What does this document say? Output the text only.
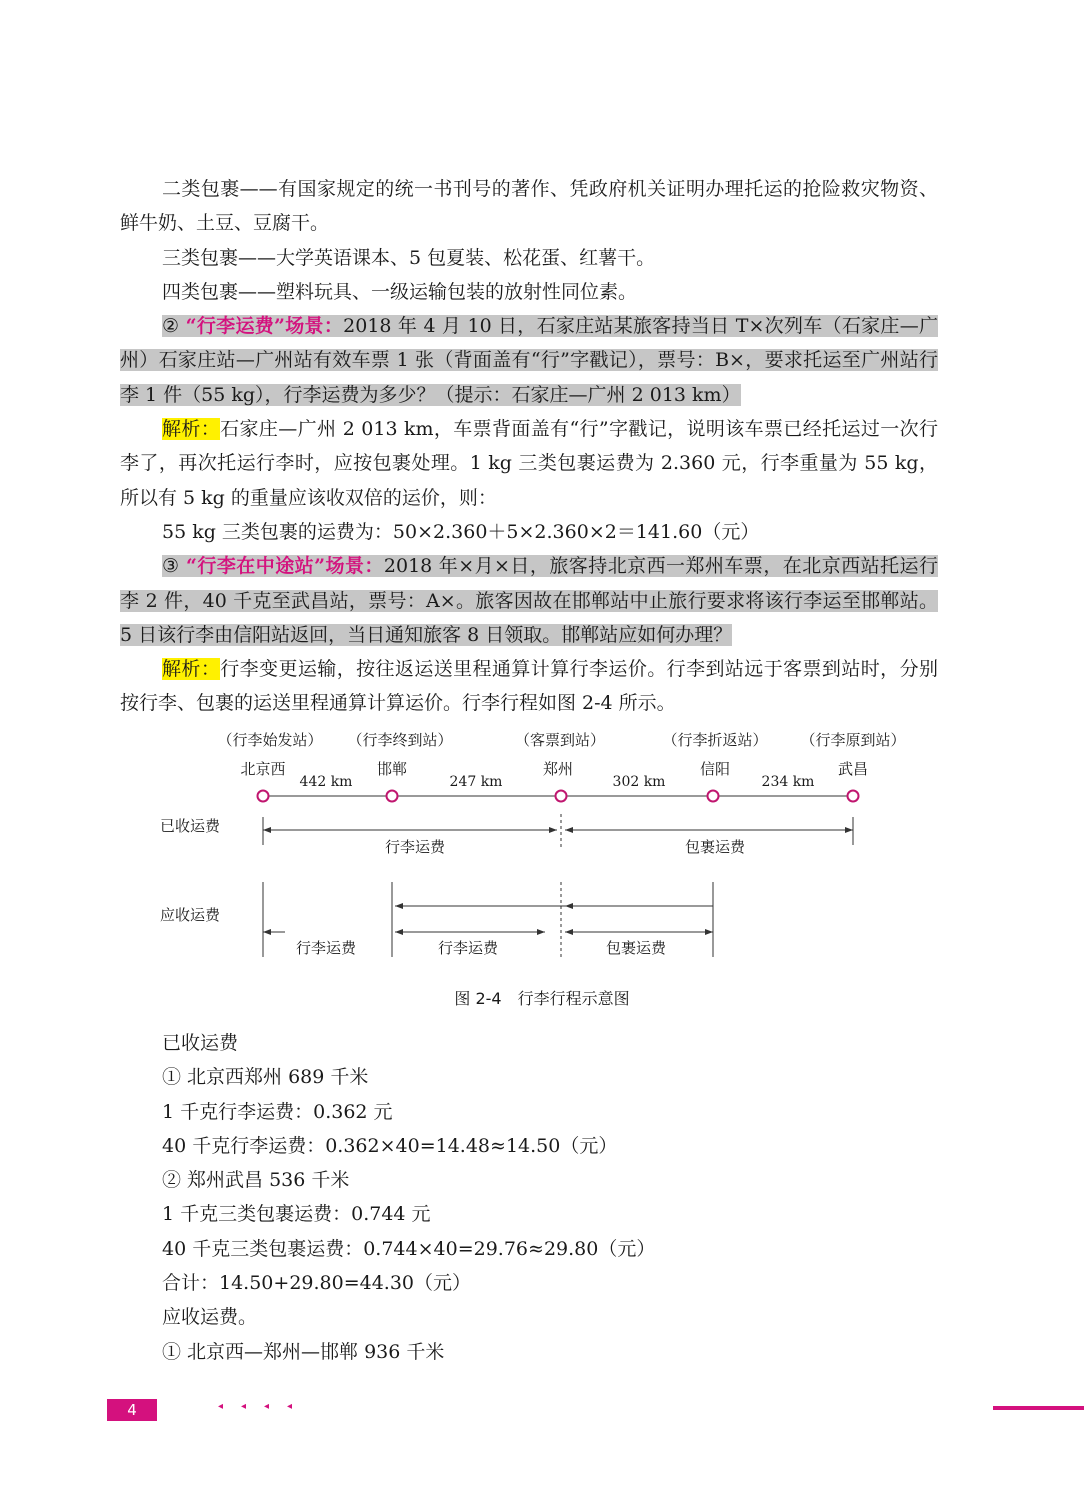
二类包裹——有国家规定的统一书刊号的著作、凭政府机关证明办理托运的抢险救灾物资、鲜牛奶、土豆、豆腐干。

三类包裹——大学英语课本、5 包夏装、松花蛋、红薯干。

四类包裹——塑料玩具、一级运输包装的放射性同位素。

② “行李运费”场景：2018 年 4 月 10 日，石家庄站某旅客持当日 T×次列车（石家庄—广州）石家庄站—广州站有效车票 1 张（背面盖有“行”字戳记），票号：B×，要求托运至广州站行李 1 件（55 kg），行李运费为多少？（提示：石家庄—广州 2 013 km）

解析：石家庄—广州 2 013 km，车票背面盖有“行”字戳记，说明该车票已经托运过一次行李了，再次托运行李时，应按包裹处理。1 kg 三类包裹运费为 2.360 元，行李重量为 55 kg，所以有 5 kg 的重量应该收双倍的运价，则：

55 kg 三类包裹的运费为：50×2.360＋5×2.360×2＝141.60（元）

③ “行李在中途站”场景：2018 年×月×日，旅客持北京西一郑州车票，在北京西站托运行李 2 件，40 千克至武昌站，票号：A×。旅客因故在邯郸站中止旅行要求将该行李运至邯郸站。5 日该行李由信阳站返回，当日通知旅客 8 日领取。邯郸站应如何办理？

解析：行李变更运输，按往返运送里程通算计算行李运价。行李到站远于客票到站时，分别按行李、包裹的运送里程通算计算运价。行李行程如图 2-4 所示。

（行李始发站） （行李终到站）	（客票到站）	（行李折返站） （行李原到站）
北京西	邯郸	郑州	信阳	武昌
442 km	247 km	302 km	234 km
已收运费
应收运费
行李运费	包裹运费
行李运费	行李运费	包裹运费
图 2-4　行李行程示意图

已收运费

① 北京西郑州 689 千米

1 千克行李运费：0.362 元

40 千克行李运费：0.362×40=14.48≈14.50（元）

② 郑州武昌 536 千米

1 千克三类包裹运费：0.744 元

40 千克三类包裹运费：0.744×40=29.76≈29.80（元）

合计：14.50+29.80=44.30（元）

应收运费。

① 北京西—郑州—邯郸 936 千米

4	◂◂◂◂
